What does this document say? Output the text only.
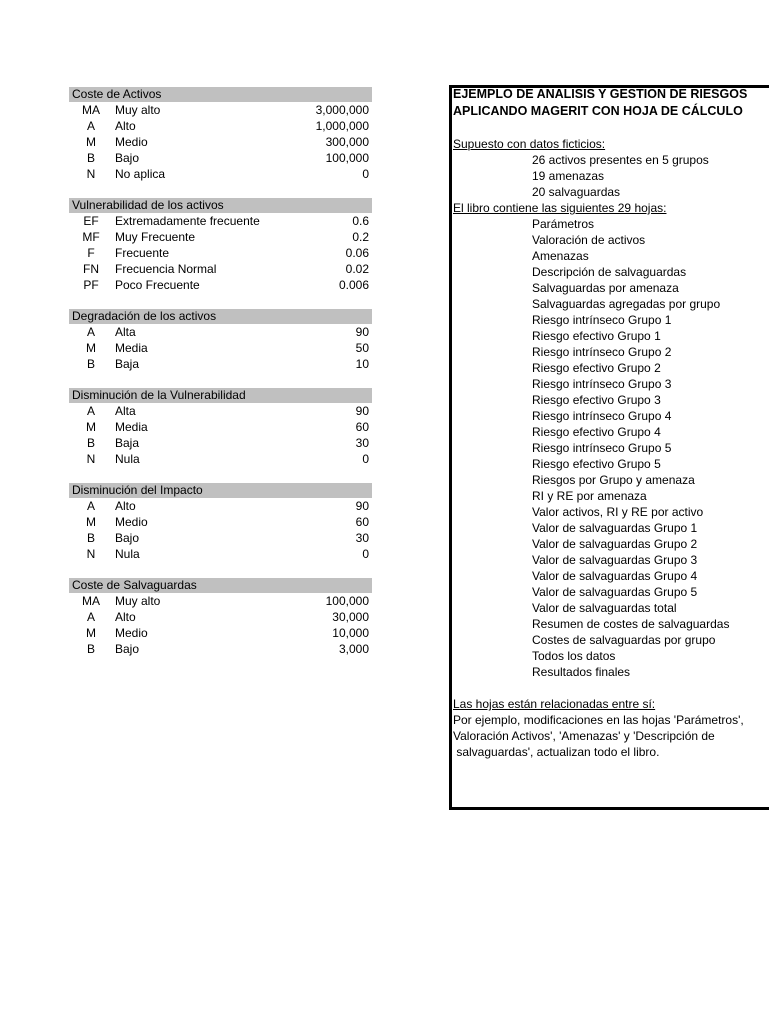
Coste de Activos
MA	Muy alto	3,000,000
A	Alto	1,000,000
M	Medio	300,000
B	Bajo	100,000
N	No aplica	0
Vulnerabilidad de los activos
EF	Extremadamente frecuente	0.6
MF	Muy Frecuente	0.2
F	Frecuente	0.06
FN	Frecuencia Normal	0.02
PF	Poco Frecuente	0.006
Degradación de los activos
A	Alta	90
M	Media	50
B	Baja	10
Disminución de la Vulnerabilidad
A	Alta	90
M	Media	60
B	Baja	30
N	Nula	0
Disminución del Impacto
A	Alto	90
M	Medio	60
B	Bajo	30
N	Nula	0
Coste de Salvaguardas
MA	Muy alto	100,000
A	Alto	30,000
M	Medio	10,000
B	Bajo	3,000
EJEMPLO DE ANALISIS Y GESTION DE RIESGOS
APLICANDO MAGERIT CON HOJA DE CÁLCULO
Supuesto con datos ficticios:
26 activos presentes en 5 grupos
19 amenazas
20 salvaguardas
El libro contiene las siguientes 29 hojas:
Parámetros
Valoración de activos
Amenazas
Descripción de salvaguardas
Salvaguardas por amenaza
Salvaguardas agregadas por grupo
Riesgo intrínseco Grupo 1
Riesgo efectivo Grupo 1
Riesgo intrínseco Grupo 2
Riesgo efectivo Grupo 2
Riesgo intrínseco Grupo 3
Riesgo efectivo Grupo 3
Riesgo intrínseco Grupo 4
Riesgo efectivo Grupo 4
Riesgo intrínseco Grupo 5
Riesgo efectivo Grupo 5
Riesgos por Grupo y amenaza
RI y RE por amenaza
Valor activos, RI y RE por activo
Valor de salvaguardas Grupo 1
Valor de salvaguardas Grupo 2
Valor de salvaguardas Grupo 3
Valor de salvaguardas Grupo 4
Valor de salvaguardas Grupo 5
Valor de salvaguardas total
Resumen de costes de salvaguardas
Costes de salvaguardas por grupo
Todos los datos
Resultados finales
Las hojas están relacionadas entre sí:
Por ejemplo, modificaciones en las hojas 'Parámetros',
Valoración Activos', 'Amenazas' y 'Descripción de
salvaguardas', actualizan todo el libro.
